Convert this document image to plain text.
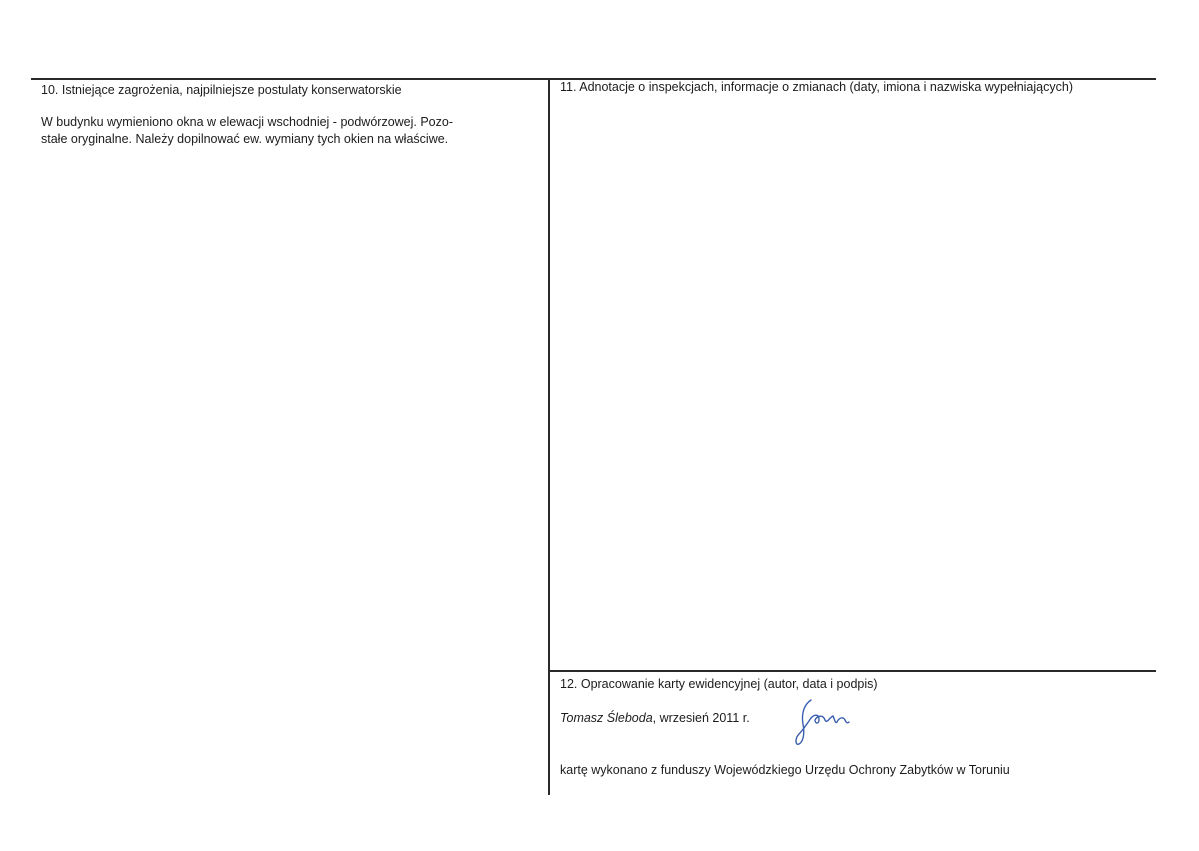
10. Istniejące zagrożenia, najpilniejsze postulaty konserwatorskie
W budynku wymieniono okna w elewacji wschodniej - podwórzowej. Pozo-
stałe oryginalne. Należy dopilnować ew. wymiany tych okien na właściwe.
11. Adnotacje o inspekcjach, informacje o zmianach (daty, imiona i nazwiska wypełniających)
12. Opracowanie karty ewidencyjnej (autor, data i podpis)
Tomasz Śleboda, wrzesień 2011 r.
kartę wykonano z funduszy Wojewódzkiego Urzędu Ochrony Zabytków w Toruniu
